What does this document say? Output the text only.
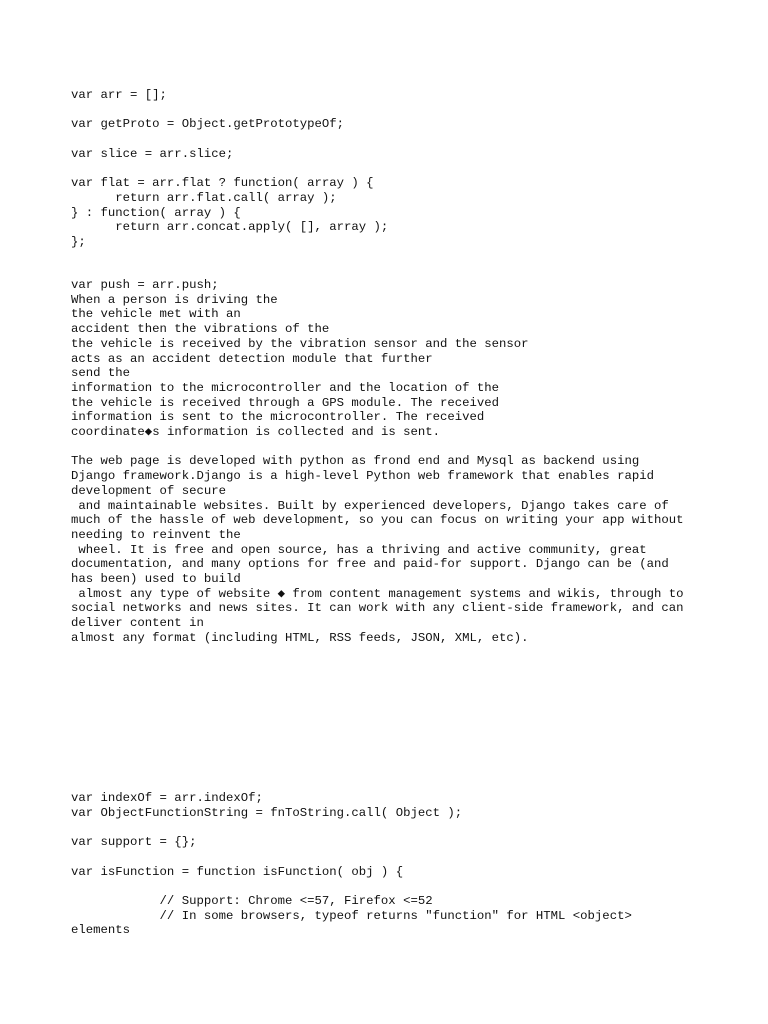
var arr = [];

var getProto = Object.getPrototypeOf;

var slice = arr.slice;

var flat = arr.flat ? function( array ) {
return arr.flat.call( array );
} : function( array ) {
return arr.concat.apply( [], array );
};
var push = arr.push;
When a person is driving the
the vehicle met with an
accident then the vibrations of the
the vehicle is received by the vibration sensor and the sensor
acts as an accident detection module that further
send the
information to the microcontroller and the location of the
the vehicle is received through a GPS module. The received
information is sent to the microcontroller. The received
coordinate◆s information is collected and is sent.

The web page is developed with python as frond end and Mysql as backend using
Django framework.Django is a high-level Python web framework that enables rapid
development of secure
and maintainable websites. Built by experienced developers, Django takes care of
much of the hassle of web development, so you can focus on writing your app without
needing to reinvent the
wheel. It is free and open source, has a thriving and active community, great
documentation, and many options for free and paid-for support. Django can be (and
has been) used to build
almost any type of website ◆ from content management systems and wikis, through to
social networks and news sites. It can work with any client-side framework, and can
deliver content in
almost any format (including HTML, RSS feeds, JSON, XML, etc).
var indexOf = arr.indexOf;
var ObjectFunctionString = fnToString.call( Object );

var support = {};

var isFunction = function isFunction( obj ) {

// Support: Chrome <=57, Firefox <=52
// In some browsers, typeof returns "function" for HTML <object>
elements
